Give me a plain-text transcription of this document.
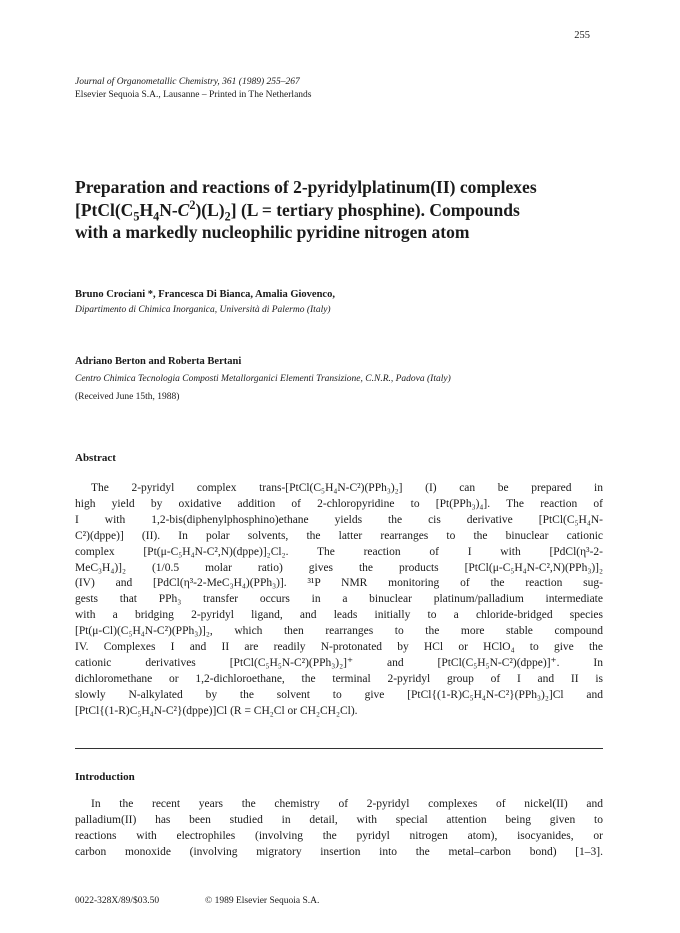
255
Journal of Organometallic Chemistry, 361 (1989) 255–267
Elsevier Sequoia S.A., Lausanne – Printed in The Netherlands
Preparation and reactions of 2-pyridylplatinum(II) complexes
$[PtCl(C_5H_4N-C^2)(L)_2] (L$ = tertiary phosphine). Compounds
with a markedly nucleophilic pyridine nitrogen atom
Bruno Crociani *, Francesca Di Bianca, Amalia Giovenco,
Dipartimento di Chimica Inorganica, Università di Palermo (Italy)
Adriano Berton and Roberta Bertani
Centro Chimica Tecnologia Composti Metallorganici Elementi Transizione, C.N.R., Padova (Italy)
(Received June 15th, 1988)
Abstract
The 2-pyridyl complex trans-[PtCl(C₅H₄N-C²)(PPh₃)₂] (I) can be prepared in
high yield by oxidative addition of 2-chloropyridine to [Pt(PPh₃)₄]. The reaction of
I with 1,2-bis(diphenylphosphino)ethane yields the cis derivative [PtCl(C₅H₄N-
C²)(dppe)] (II). In polar solvents, the latter rearranges to the binuclear cationic
complex [Pt(μ-C₅H₄N-C²,N)(dppe)]₂Cl₂. The reaction of I with [PdCl(η³-2-
MeC₃H₄)]₂ (1/0.5 molar ratio) gives the products [PtCl(μ-C₅H₄N-C²,N)(PPh₃)]₂
(IV) and [PdCl(η³-2-MeC₃H₄)(PPh₃)]. ³¹P NMR monitoring of the reaction sug-
gests that PPh₃ transfer occurs in a binuclear platinum/palladium intermediate
with a bridging 2-pyridyl ligand, and leads initially to a chloride-bridged species
[Pt(μ-Cl)(C₅H₄N-C²)(PPh₃)]₂, which then rearranges to the more stable compound
IV. Complexes I and II are readily N-protonated by HCl or HClO₄ to give the
cationic derivatives [PtCl(C₅H₅N-C²)(PPh₃)₂]⁺ and [PtCl(C₅H₅N-C²)(dppe)]⁺. In
dichloromethane or 1,2-dichloroethane, the terminal 2-pyridyl group of I and II is
slowly N-alkylated by the solvent to give [PtCl{(1-R)C₅H₄N-C²}(PPh₃)₂]Cl and
[PtCl{(1-R)C₅H₄N-C²}(dppe)]Cl (R = CH₂Cl or CH₂CH₂Cl).
Introduction
In the recent years the chemistry of 2-pyridyl complexes of nickel(II) and
palladium(II) has been studied in detail, with special attention being given to
reactions with electrophiles (involving the pyridyl nitrogen atom), isocyanides, or
carbon monoxide (involving migratory insertion into the metal–carbon bond) [1–3].
0022-328X/89/$03.50	© 1989 Elsevier Sequoia S.A.
